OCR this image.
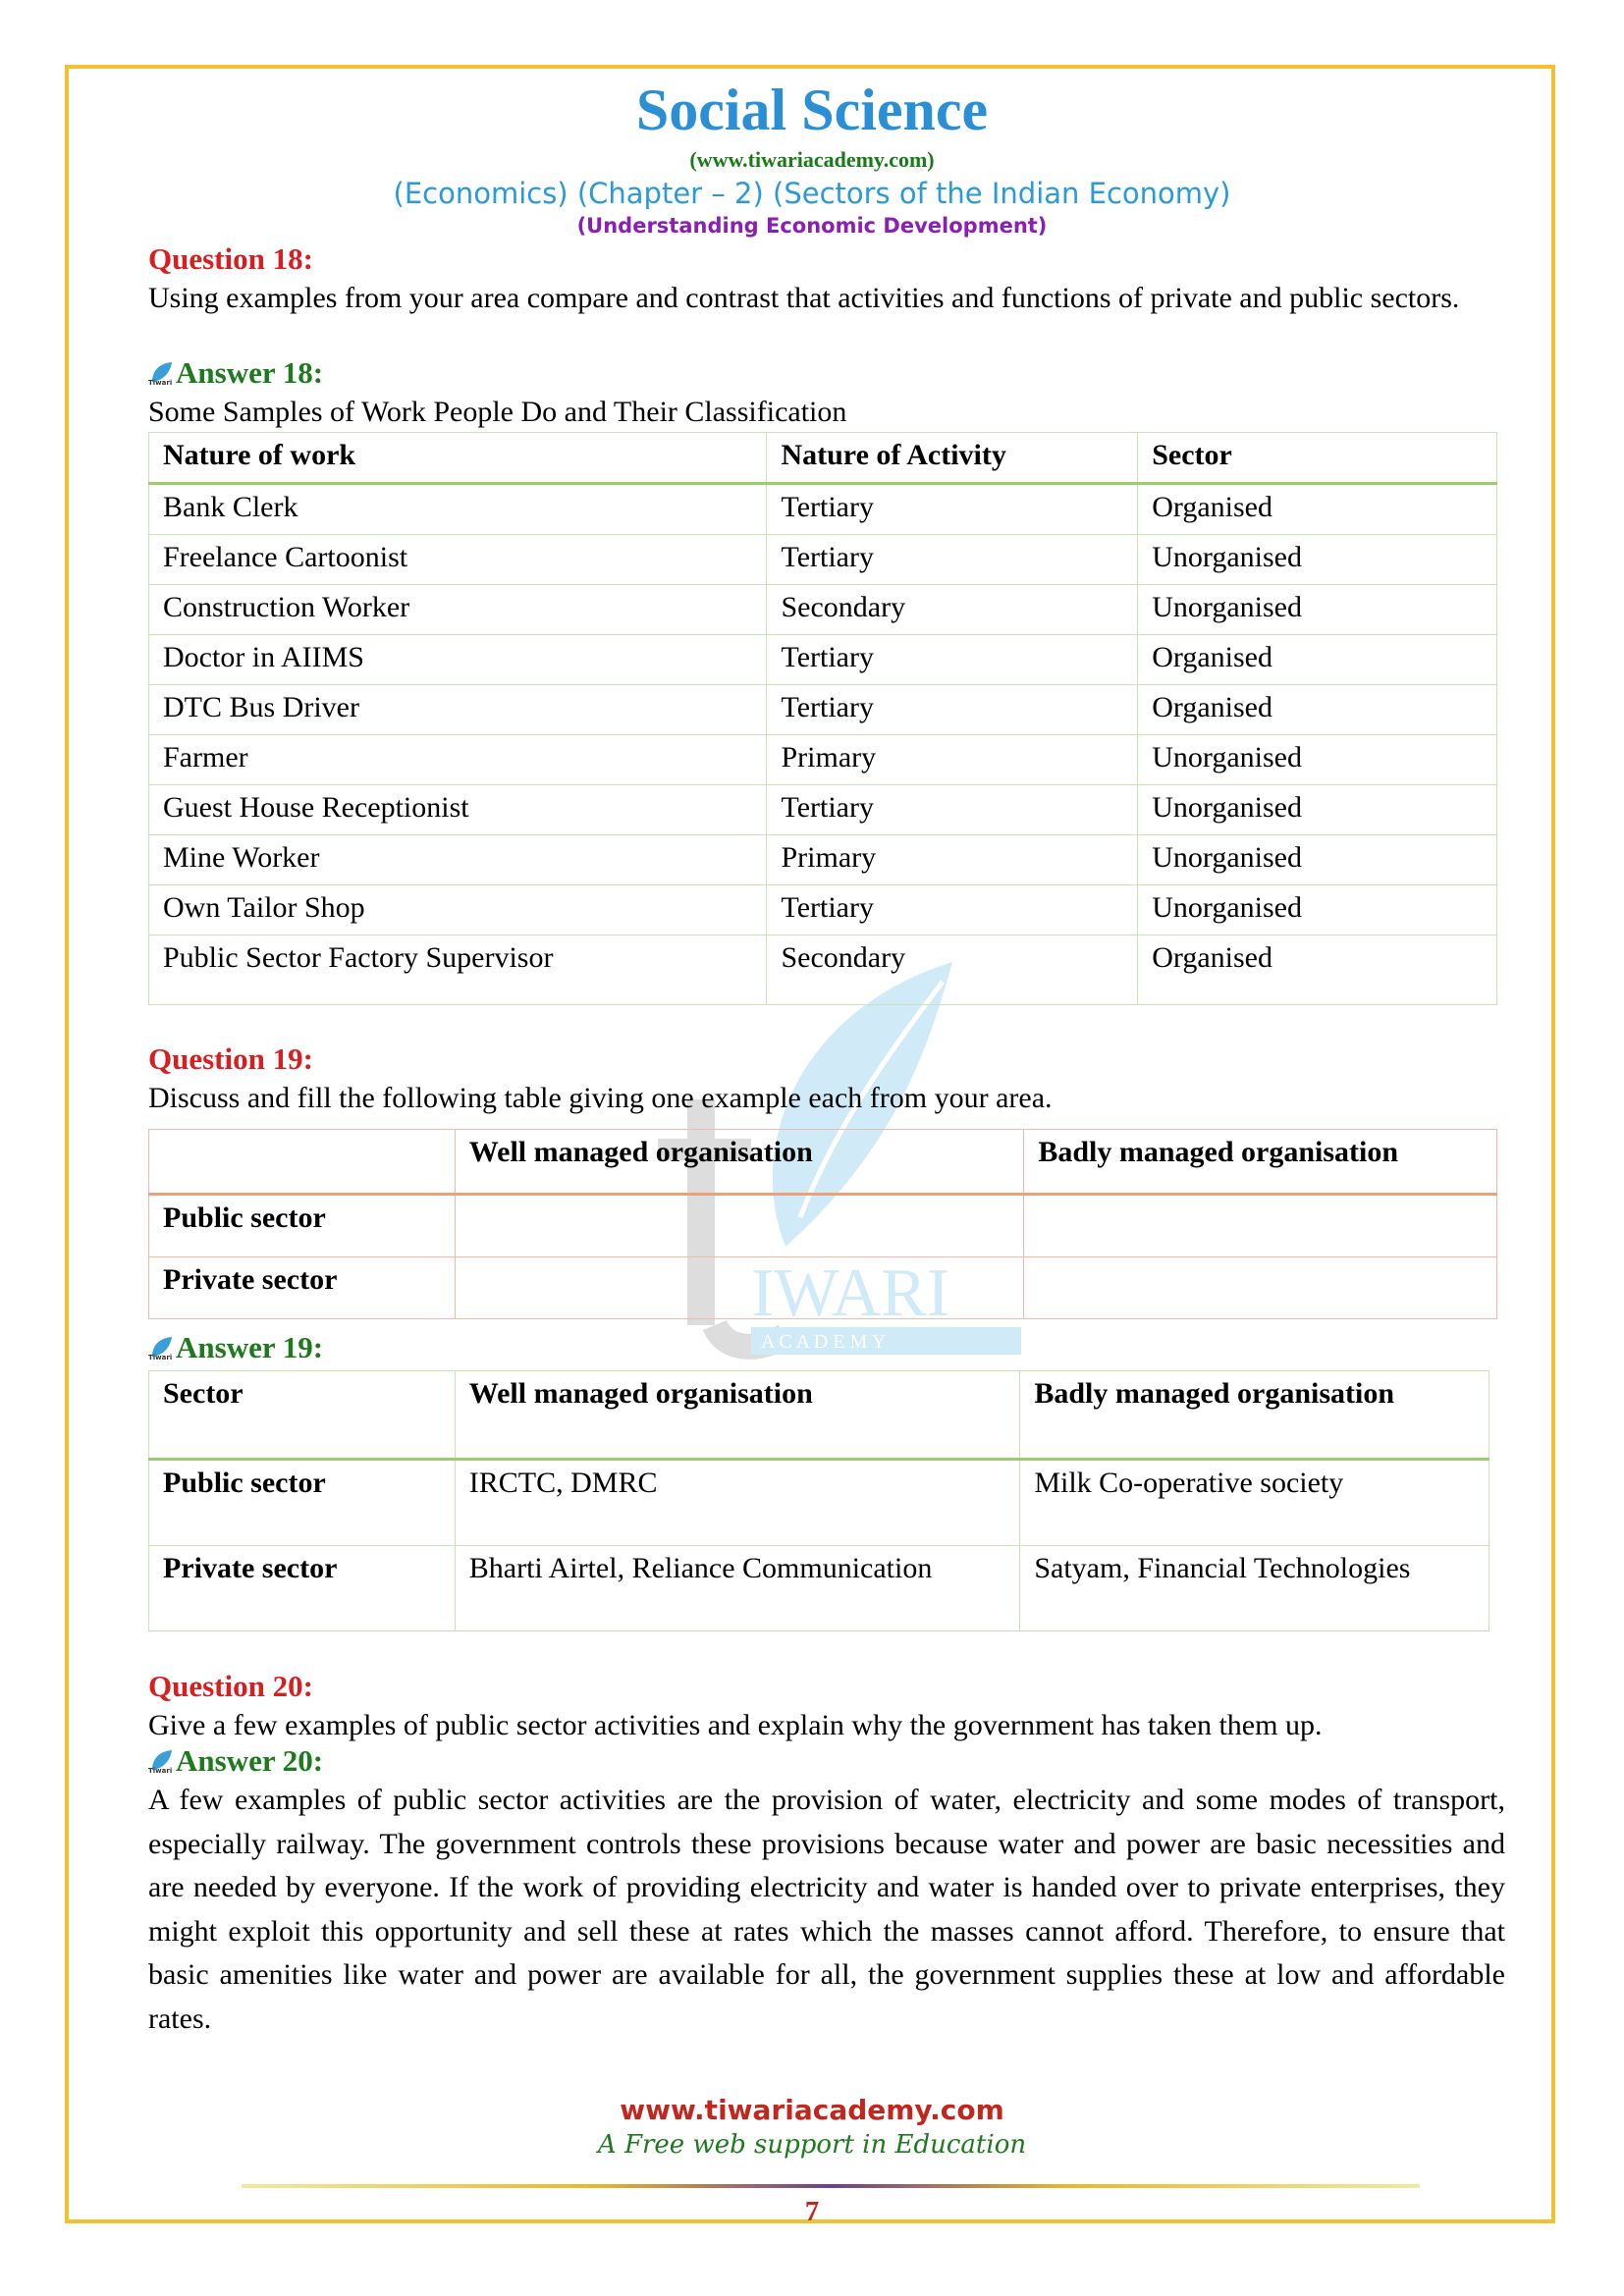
Social Science
(www.tiwariacademy.com)
(Economics) (Chapter – 2) (Sectors of the Indian Economy)
(Understanding Economic Development)
IWARI
A C A D E M Y
Question 18:
Using examples from your area compare and contrast that activities and functions of private and public sectors.
Tiwari Answer 18:
Some Samples of Work People Do and Their Classification
Nature of work	Nature of Activity	Sector
Bank Clerk	Tertiary	Organised
Freelance Cartoonist	Tertiary	Unorganised
Construction Worker	Secondary	Unorganised
Doctor in AIIMS	Tertiary	Organised
DTC Bus Driver	Tertiary	Organised
Farmer	Primary	Unorganised
Guest House Receptionist	Tertiary	Unorganised
Mine Worker	Primary	Unorganised
Own Tailor Shop	Tertiary	Unorganised
Public Sector Factory Supervisor	Secondary	Organised
Question 19:
Discuss and fill the following table giving one example each from your area.
	Well managed organisation	Badly managed organisation
Public sector		
Private sector		
Tiwari Answer 19:
Sector	Well managed organisation	Badly managed organisation
Public sector	IRCTC, DMRC	Milk Co-operative society
Private sector	Bharti Airtel, Reliance Communication	Satyam, Financial Technologies
Question 20:
Give a few examples of public sector activities and explain why the government has taken them up.
Tiwari Answer 20:
A few examples of public sector activities are the provision of water, electricity and some modes of transport, especially railway. The government controls these provisions because water and power are basic necessities and are needed by everyone. If the work of providing electricity and water is handed over to private enterprises, they might exploit this opportunity and sell these at rates which the masses cannot afford. Therefore, to ensure that basic amenities like water and power are available for all, the government supplies these at low and affordable rates.
www.tiwariacademy.com
A Free web support in Education
7
